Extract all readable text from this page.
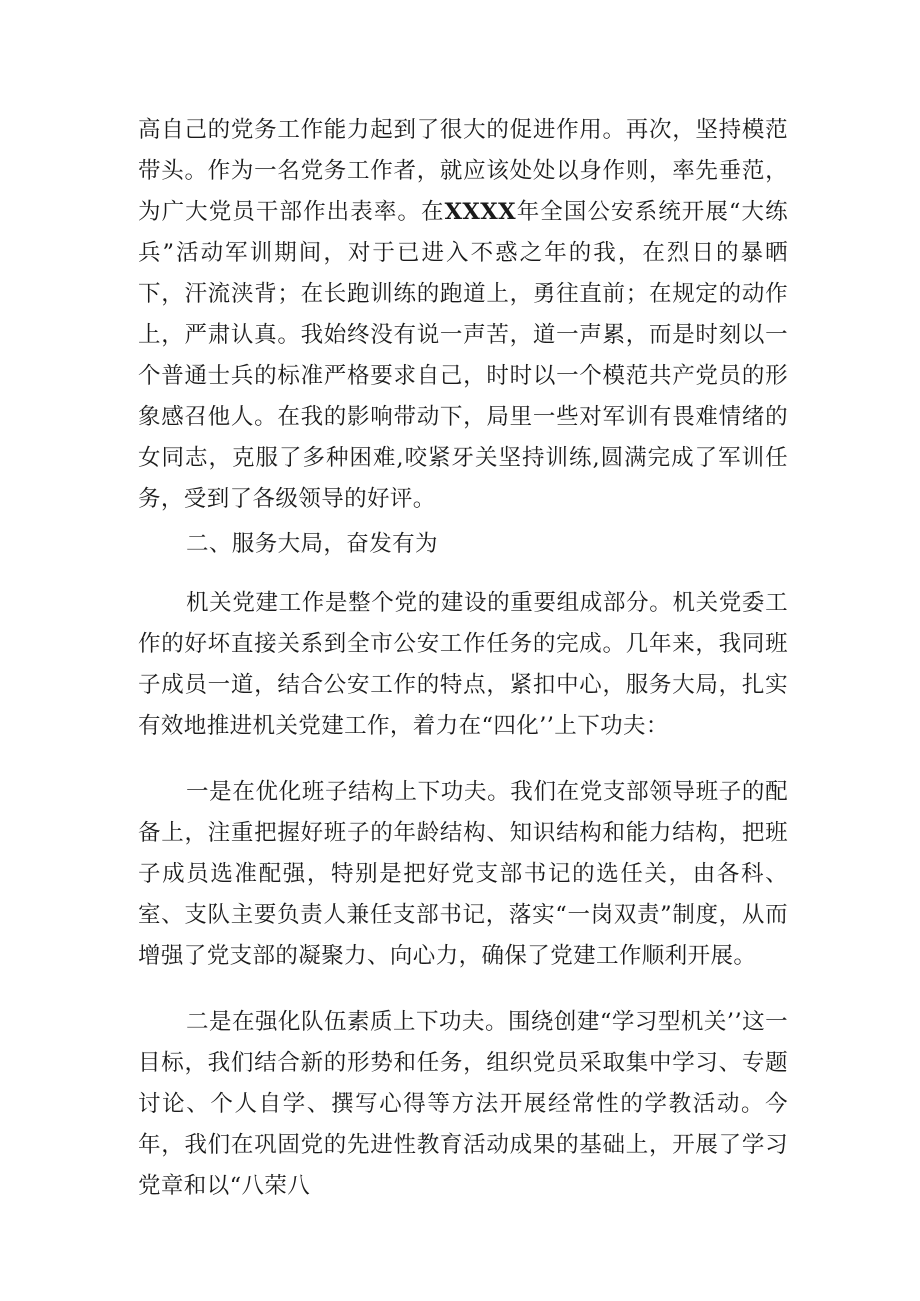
高自己的党务工作能力起到了很大的促进作用。再次，坚持模范带头。作为一名党务工作者，就应该处处以身作则，率先垂范，为广大党员干部作出表率。在XXXX年全国公安系统开展“大练兵”活动军训期间，对于已进入不惑之年的我，在烈日的暴晒下，汗流浃背；在长跑训练的跑道上，勇往直前；在规定的动作上，严肃认真。我始终没有说一声苦，道一声累，而是时刻以一个普通士兵的标准严格要求自己，时时以一个模范共产党员的形象感召他人。在我的影响带动下，局里一些对军训有畏难情绪的女同志，克服了多种困难,咬紧牙关坚持训练,圆满完成了军训任务，受到了各级领导的好评。

二、服务大局，奋发有为

机关党建工作是整个党的建设的重要组成部分。机关党委工作的好坏直接关系到全市公安工作任务的完成。几年来，我同班子成员一道，结合公安工作的特点，紧扣中心，服务大局，扎实有效地推进机关党建工作，着力在“四化’’上下功夫：

一是在优化班子结构上下功夫。我们在党支部领导班子的配备上，注重把握好班子的年龄结构、知识结构和能力结构，把班子成员选准配强，特别是把好党支部书记的选任关，由各科、室、支队主要负责人兼任支部书记，落实“一岗双责”制度，从而增强了党支部的凝聚力、向心力，确保了党建工作顺利开展。

二是在强化队伍素质上下功夫。围绕创建“学习型机关’’这一目标，我们结合新的形势和任务，组织党员采取集中学习、专题讨论、个人自学、撰写心得等方法开展经常性的学教活动。今年，我们在巩固党的先进性教育活动成果的基础上，开展了学习党章和以“八荣八
